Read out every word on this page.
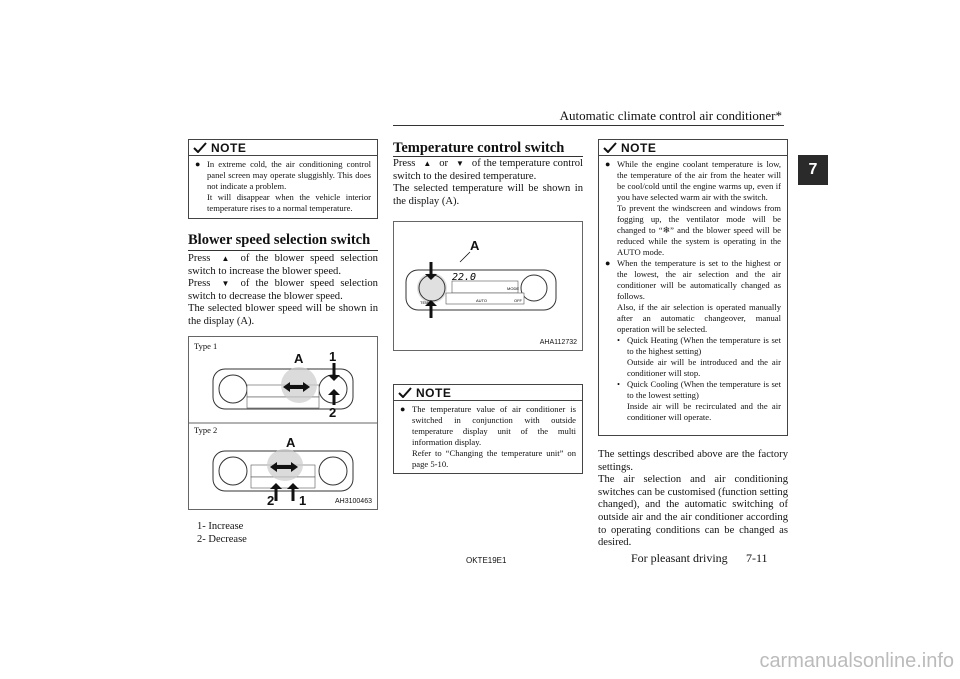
Automatic climate control air conditioner*
7
NOTE
● In extreme cold, the air conditioning control panel screen may operate sluggishly. This does not indicate a problem.
It will disappear when the vehicle interior temperature rises to a normal temperature.
Blower speed selection switch
Press ▲ of the blower speed selection switch to increase the blower speed.
Press ▼ of the blower speed selection switch to decrease the blower speed.
The selected blower speed will be shown in the display (A).
Type 1
A 1
2
A
2 1
Type 2
AH3100463
1- Increase
2- Decrease
Temperature control switch
Press ▲ or ▼ of the temperature control switch to the desired temperature.
The selected temperature will be shown in the display (A).
A
22.0
TEMP	AUTO
MODE
OFF
AHA112732
NOTE
● The temperature value of air conditioner is switched in conjunction with outside temperature display unit of the multi information display.
Refer to “Changing the temperature unit” on page 5-10.
NOTE
● While the engine coolant temperature is low, the temperature of the air from the heater will be cool/cold until the engine warms up, even if you have selected warm air with the switch.
To prevent the windscreen and windows from fogging up, the ventilator mode will be changed to “❄” and the blower speed will be reduced while the system is operating in the AUTO mode.
● When the temperature is set to the highest or the lowest, the air selection and the air conditioner will be automatically changed as follows.
Also, if the air selection is operated manually after an automatic changeover, manual operation will be selected.
• Quick Heating (When the temperature is set to the highest setting)
Outside air will be introduced and the air conditioner will stop.
• Quick Cooling (When the temperature is set to the lowest setting)
Inside air will be recirculated and the air conditioner will operate.
The settings described above are the factory settings.
The air selection and air conditioning switches can be customised (function setting changed), and the automatic switching of outside air and the air conditioner according to operating conditions can be changed as desired.
OKTE19E1	For pleasant driving 7-11
carmanualsonline.info
